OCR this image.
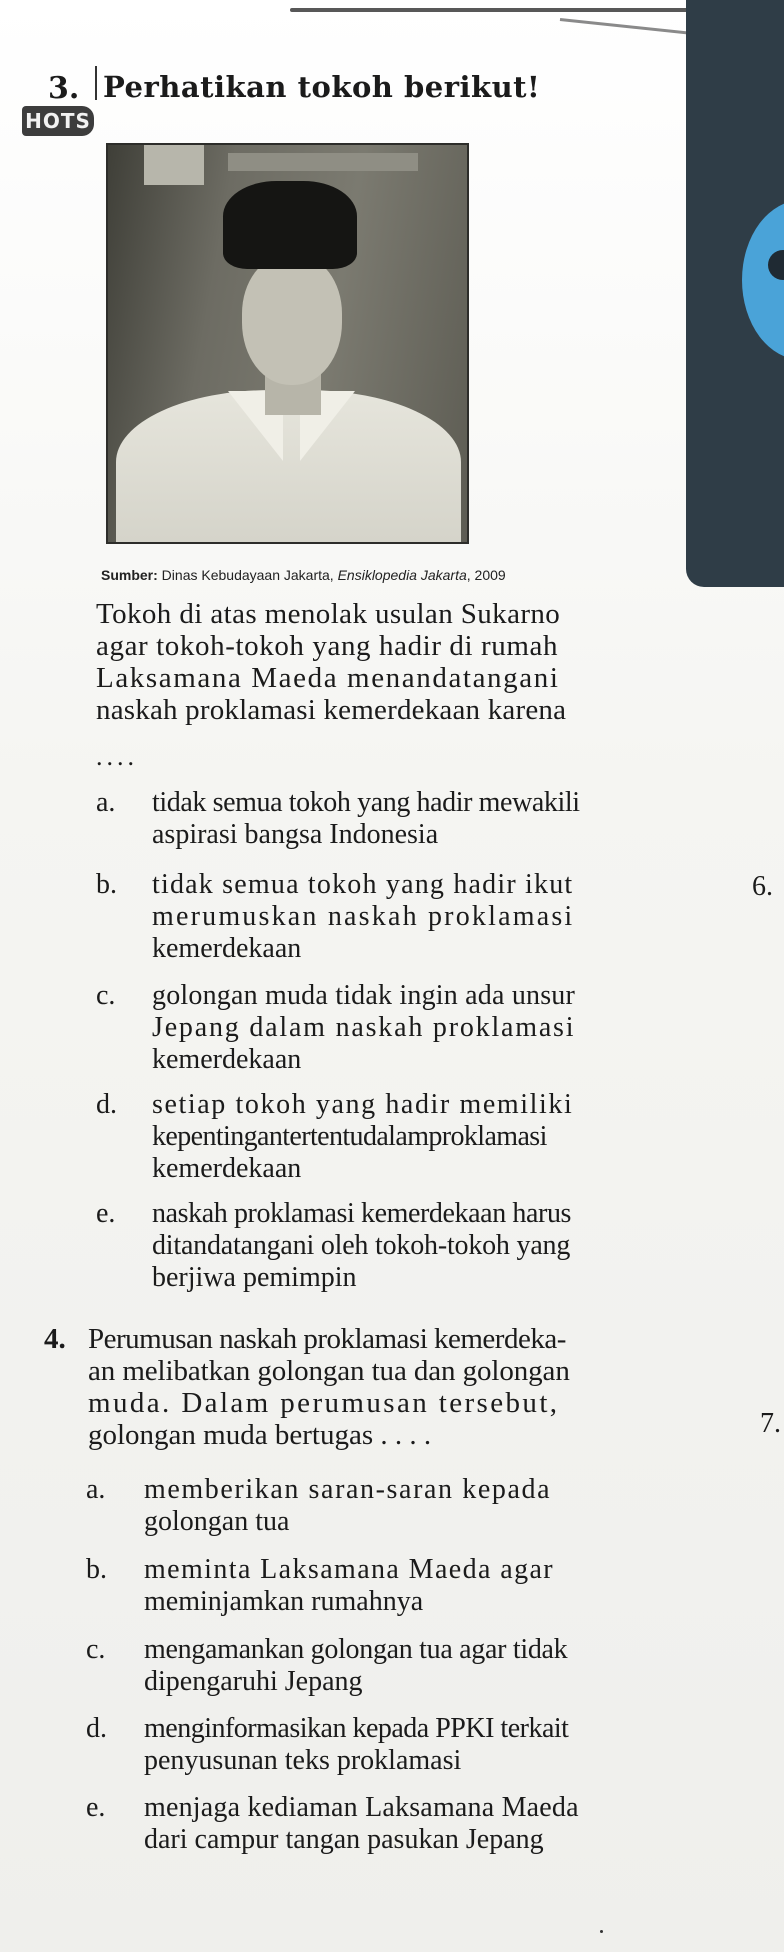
3. Perhatikan tokoh berikut!
HOTS
Sumber: Dinas Kebudayaan Jakarta, Ensiklopedia Jakarta, 2009
Tokoh di atas menolak usulan Sukarno
agar tokoh-tokoh yang hadir di rumah
Laksamana Maeda menandatangani
naskah proklamasi kemerdekaan karena
....
a. tidak semua tokoh yang hadir mewakili
aspirasi bangsa Indonesia
b. tidak semua tokoh yang hadir ikut
merumuskan naskah proklamasi
kemerdekaan
c. golongan muda tidak ingin ada unsur
Jepang dalam naskah proklamasi
kemerdekaan
d. setiap tokoh yang hadir memiliki
kepentingantertentudalamproklamasi
kemerdekaan
e. naskah proklamasi kemerdekaan harus
ditandatangani oleh tokoh-tokoh yang
berjiwa pemimpin
6.
4. Perumusan naskah proklamasi kemerdeka-
an melibatkan golongan tua dan golongan
muda. Dalam perumusan tersebut,
golongan muda bertugas . . . .	7.
a. memberikan saran-saran kepada
golongan tua
b. meminta Laksamana Maeda agar
meminjamkan rumahnya
c. mengamankan golongan tua agar tidak
dipengaruhi Jepang
d. menginformasikan kepada PPKI terkait
penyusunan teks proklamasi
e. menjaga kediaman Laksamana Maeda
dari campur tangan pasukan Jepang
